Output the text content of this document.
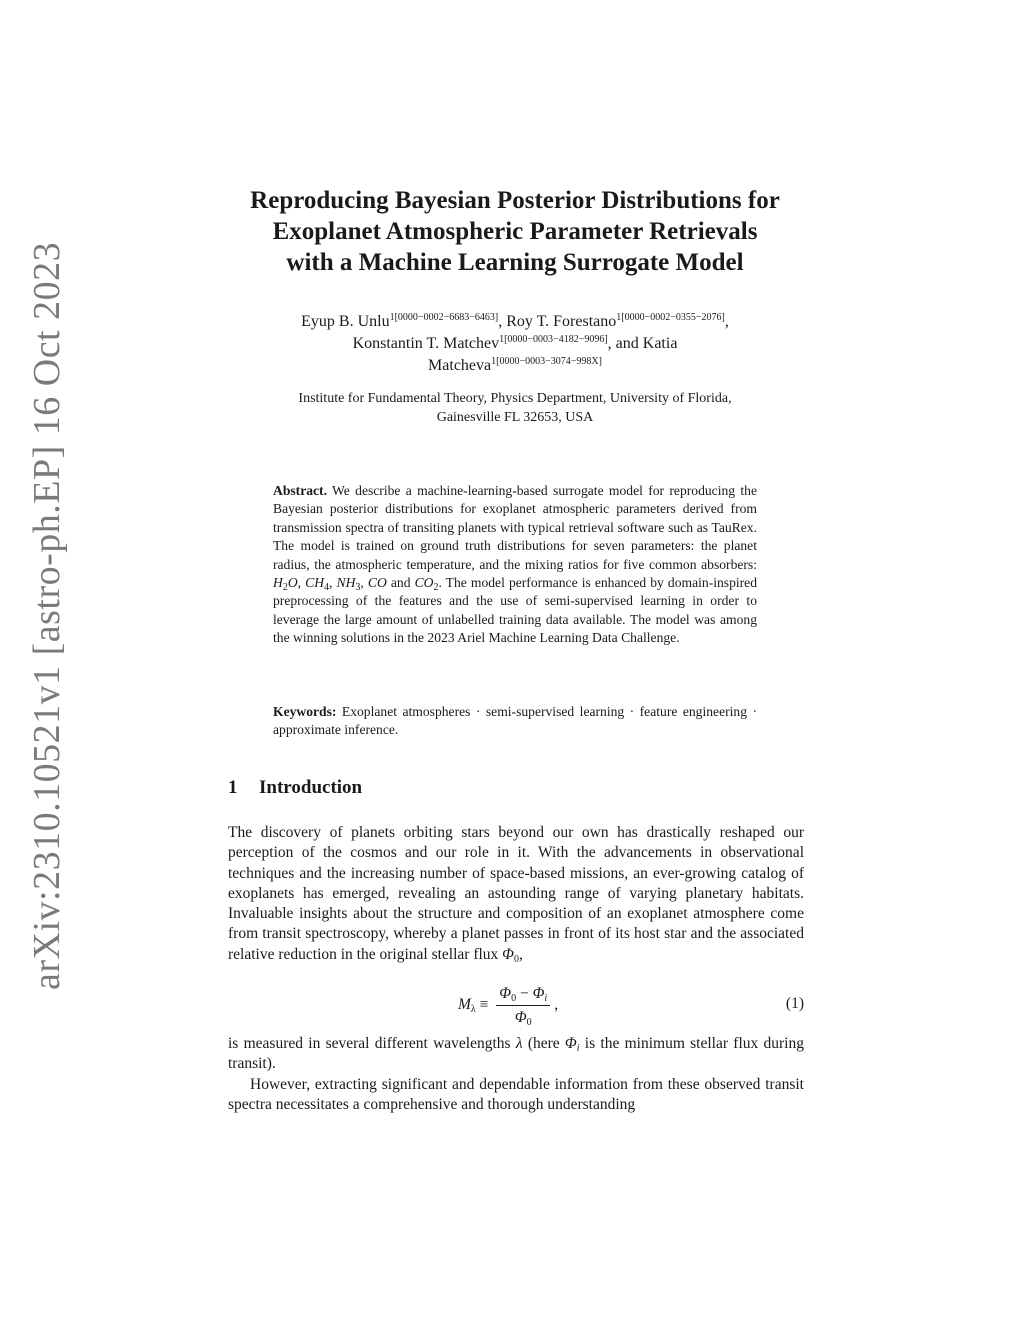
arXiv:2310.10521v1 [astro-ph.EP] 16 Oct 2023
Reproducing Bayesian Posterior Distributions for
Exoplanet Atmospheric Parameter Retrievals
with a Machine Learning Surrogate Model
Eyup B. Unlu$^{1[0000-0002-6683-6463]}$, Roy T. Forestano$^{1[0000-0002-0355-2076]}$,
Konstantin T. Matchev$^{1[0000-0003-4182-9096]}$, and Katia
Matcheva$^{1[0000-0003-3074-998X]}$
Institute for Fundamental Theory, Physics Department, University of Florida,
Gainesville FL 32653, USA
Abstract. We describe a machine-learning-based surrogate model for reproducing the Bayesian posterior distributions for exoplanet atmospheric parameters derived from transmission spectra of transiting planets with typical retrieval software such as TauRex. The model is trained on ground truth distributions for seven parameters: the planet radius, the atmospheric temperature, and the mixing ratios for five common absorbers: $H_2O$, $CH_4$, $NH_3$, CO and $CO_2$. The model performance is enhanced by domain-inspired preprocessing of the features and the use of semi-supervised learning in order to leverage the large amount of unlabelled training data available. The model was among the winning solutions in the 2023 Ariel Machine Learning Data Challenge.
Keywords: Exoplanet atmospheres · semi-supervised learning · feature engineering · approximate inference.
1 Introduction
The discovery of planets orbiting stars beyond our own has drastically reshaped our perception of the cosmos and our role in it. With the advancements in observational techniques and the increasing number of space-based missions, an ever-growing catalog of exoplanets has emerged, revealing an astounding range of varying planetary habitats. Invaluable insights about the structure and composition of an exoplanet atmosphere come from transit spectroscopy, whereby a planet passes in front of its host star and the associated relative reduction in the original stellar flux $\Phi_0$,
$M_\lambda \equiv \frac{\Phi_0 - \Phi_i}{\Phi_0}$ ,	(1)
is measured in several different wavelengths λ (here $\Phi_i$ is the minimum stellar flux during transit).
However, extracting significant and dependable information from these observed transit spectra necessitates a comprehensive and thorough understanding
